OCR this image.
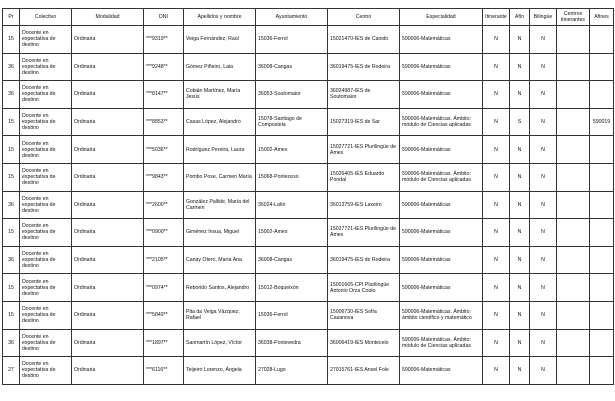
Pr	Colectivo	Modalidad	DNI	Apellidos y nombre	Ayuntamiento	Centro	Especialidad	Itinerante	Afín	Bilingüe	Centros itinerantes	Afines
15	Docente en expectativa de destino	Ordinaria	***9319**	Veiga Fernández, Raúl	15036-Ferrol	15021470-IES de Canido	590006-Matemáticas	N	N	N		
36	Docente en expectativa de destino	Ordinaria	***9248**	Gómez Piñeiro, Laia	36008-Cangas	36019475-IES de Rodeira	590006-Matemáticas	N	N	N		
36	Docente en expectativa de destino	Ordinaria	***8147**	Cobián Martínez, María Jesús	36053-Soutomaior	36024987-IES de Soutomaior	590006-Matemáticas	N	N	N		
15	Docente en expectativa de destino	Ordinaria	***8853**	Casas López, Alejandro	15078-Santiago de Compostela	15027319-IES de Sar	590006-Matemáticas. Ámbito: módulo de Ciencias aplicadas	N	S	N		590019
15	Docente en expectativa de destino	Ordinaria	***5036**	Rodríguez Pereira, Laura	15002-Ames	15027721-IES Plurilingüe de Ames	590006-Matemáticas	N	N	N		
15	Docente en expectativa de destino	Ordinaria	***9843**	Pombo Pose, Carmen María	15068-Ponteceso	15026405-IES Eduardo Pondal	590006-Matemáticas. Ámbito: módulo de Ciencias aplicadas	N	N	N		
36	Docente en expectativa de destino	Ordinaria	***2600**	González Pallide, María del Carmen	36024-Lalín	36013759-IES Laxeiro	590006-Matemáticas	N	N	N		
15	Docente en expectativa de destino	Ordinaria	***0900**	Giménez Insua, Miguel	15002-Ames	15027721-IES Plurilingüe de Ames	590006-Matemáticas	N	N	N		
36	Docente en expectativa de destino	Ordinaria	***2105**	Canay Otero, María Ana	36008-Cangas	36019475-IES de Rodeira	590006-Matemáticas	N	N	N		
15	Docente en expectativa de destino	Ordinaria	***0974**	Reborido Santos, Alejandro	15012-Boqueixón	15001665-CPI Plurilingüe Antonio Orza Couto	590006-Matemáticas	N	N	N		
15	Docente en expectativa de destino	Ordinaria	***5849**	Pita da Veiga Vázquez, Rafael	15036-Ferrol	15006730-IES Sofía Casanova	590006-Matemáticas. Ámbito: ámbito científico y matemático	N	N	N		
36	Docente en expectativa de destino	Ordinaria	***1897**	Sanmartín López, Víctor	36038-Pontevedra	36006419-IES Montecelo	590006-Matemáticas. Ámbito: módulo de Ciencias aplicadas	N	N	N		
27	Docente en expectativa de destino	Ordinaria	***6116**	Teijeiro Lorenzo, Ángela	27028-Lugo	27015761-IES Anxel Fole	590006-Matemáticas	N	N	N		
